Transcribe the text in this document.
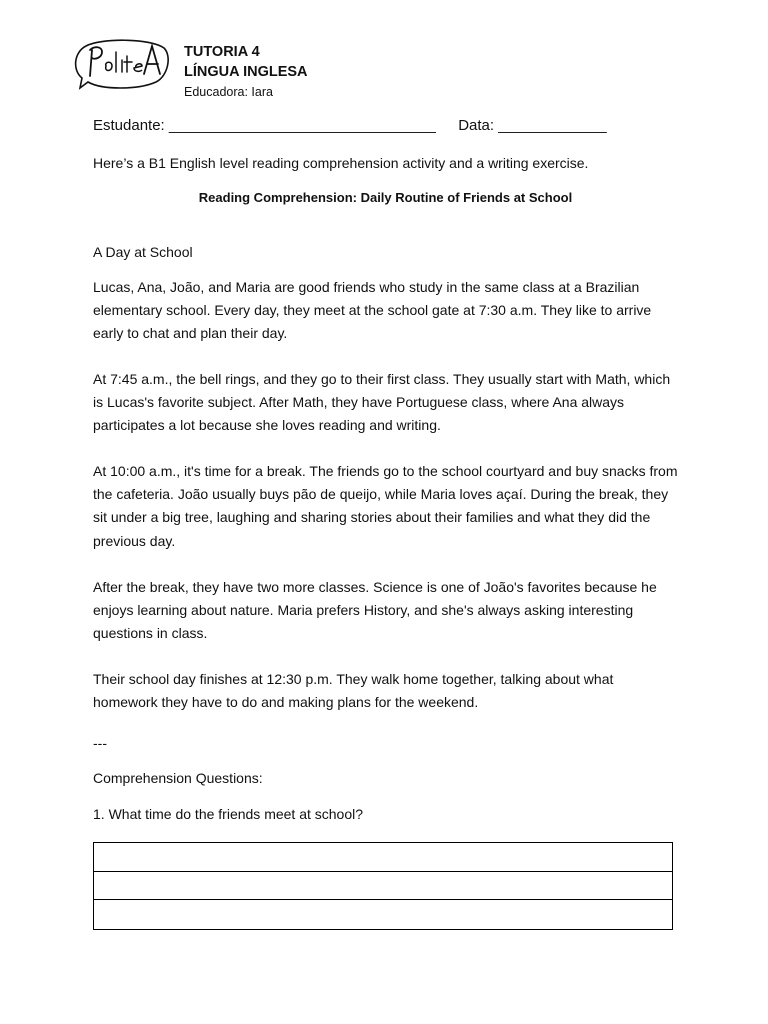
TUTORIA 4
LÍNGUA INGLESA
Educadora: Iara
Estudante: ________________________________ Data: _____________
Here’s a B1 English level reading comprehension activity and a writing exercise.
Reading Comprehension: Daily Routine of Friends at School
A Day at School
Lucas, Ana, João, and Maria are good friends who study in the same class at a Brazilian elementary school. Every day, they meet at the school gate at 7:30 a.m. They like to arrive early to chat and plan their day.
At 7:45 a.m., the bell rings, and they go to their first class. They usually start with Math, which is Lucas's favorite subject. After Math, they have Portuguese class, where Ana always participates a lot because she loves reading and writing.
At 10:00 a.m., it's time for a break. The friends go to the school courtyard and buy snacks from the cafeteria. João usually buys pão de queijo, while Maria loves açaí. During the break, they sit under a big tree, laughing and sharing stories about their families and what they did the previous day.
After the break, they have two more classes. Science is one of João's favorites because he enjoys learning about nature. Maria prefers History, and she's always asking interesting questions in class.
Their school day finishes at 12:30 p.m. They walk home together, talking about what homework they have to do and making plans for the weekend.
---
Comprehension Questions:
1. What time do the friends meet at school?
